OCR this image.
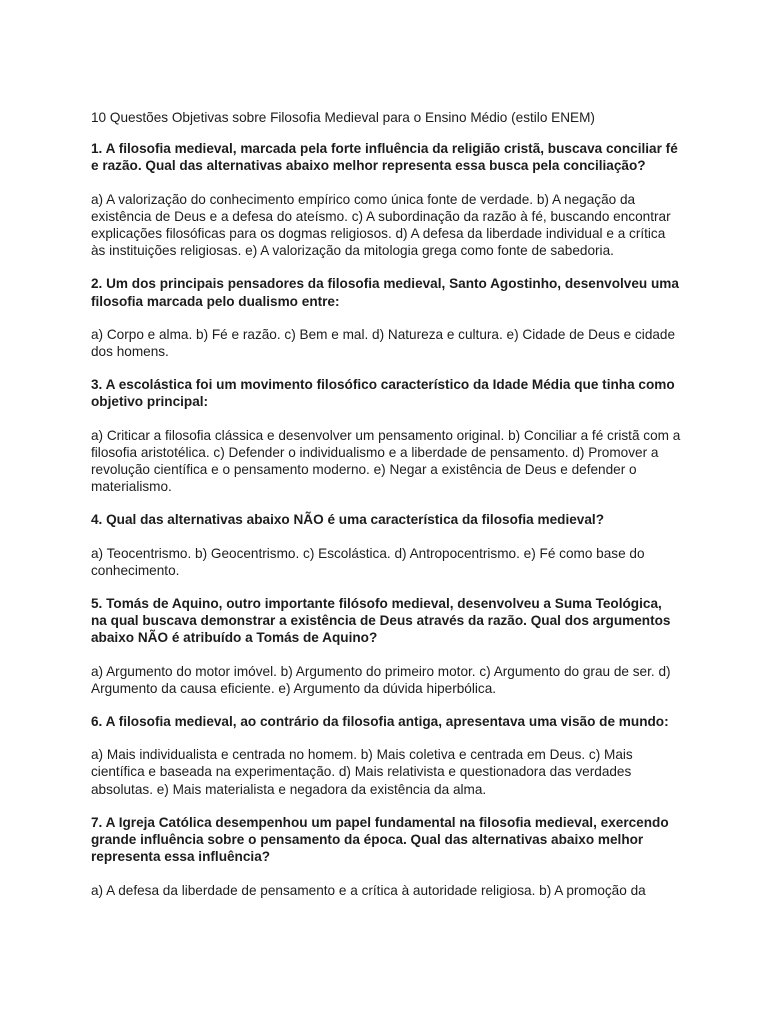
10 Questões Objetivas sobre Filosofia Medieval para o Ensino Médio (estilo ENEM)

1. A filosofia medieval, marcada pela forte influência da religião cristã, buscava conciliar fé e razão. Qual das alternativas abaixo melhor representa essa busca pela conciliação?

a) A valorização do conhecimento empírico como única fonte de verdade. b) A negação da existência de Deus e a defesa do ateísmo. c) A subordinação da razão à fé, buscando encontrar explicações filosóficas para os dogmas religiosos. d) A defesa da liberdade individual e a crítica às instituições religiosas. e) A valorização da mitologia grega como fonte de sabedoria.

2. Um dos principais pensadores da filosofia medieval, Santo Agostinho, desenvolveu uma filosofia marcada pelo dualismo entre:

a) Corpo e alma. b) Fé e razão. c) Bem e mal. d) Natureza e cultura. e) Cidade de Deus e cidade dos homens.

3. A escolástica foi um movimento filosófico característico da Idade Média que tinha como objetivo principal:

a) Criticar a filosofia clássica e desenvolver um pensamento original. b) Conciliar a fé cristã com a filosofia aristotélica. c) Defender o individualismo e a liberdade de pensamento. d) Promover a revolução científica e o pensamento moderno. e) Negar a existência de Deus e defender o materialismo.

4. Qual das alternativas abaixo NÃO é uma característica da filosofia medieval?

a) Teocentrismo. b) Geocentrismo. c) Escolástica. d) Antropocentrismo. e) Fé como base do conhecimento.

5. Tomás de Aquino, outro importante filósofo medieval, desenvolveu a Suma Teológica, na qual buscava demonstrar a existência de Deus através da razão. Qual dos argumentos abaixo NÃO é atribuído a Tomás de Aquino?

a) Argumento do motor imóvel. b) Argumento do primeiro motor. c) Argumento do grau de ser. d) Argumento da causa eficiente. e) Argumento da dúvida hiperbólica.

6. A filosofia medieval, ao contrário da filosofia antiga, apresentava uma visão de mundo:

a) Mais individualista e centrada no homem. b) Mais coletiva e centrada em Deus. c) Mais científica e baseada na experimentação. d) Mais relativista e questionadora das verdades absolutas. e) Mais materialista e negadora da existência da alma.

7. A Igreja Católica desempenhou um papel fundamental na filosofia medieval, exercendo grande influência sobre o pensamento da época. Qual das alternativas abaixo melhor representa essa influência?

a) A defesa da liberdade de pensamento e a crítica à autoridade religiosa. b) A promoção da
